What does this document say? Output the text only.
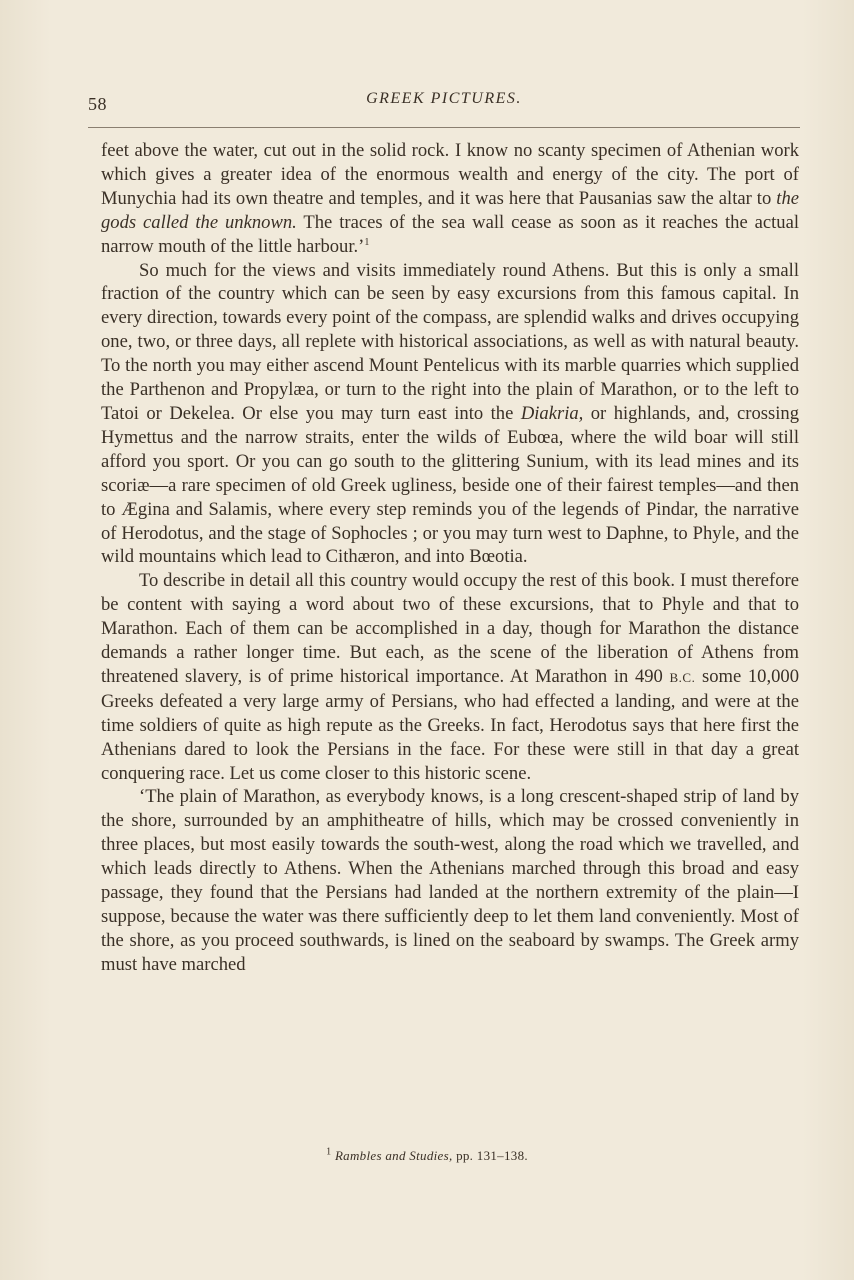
58	GREEK PICTURES.

feet above the water, cut out in the solid rock. I know no scanty specimen of Athenian work which gives a greater idea of the enormous wealth and energy of the city. The port of Munychia had its own theatre and temples, and it was here that Pausanias saw the altar to the gods called the unknown. The traces of the sea wall cease as soon as it reaches the actual narrow mouth of the little harbour.’$^1$

So much for the views and visits immediately round Athens. But this is only a small fraction of the country which can be seen by easy excursions from this famous capital. In every direction, towards every point of the compass, are splendid walks and drives occupying one, two, or three days, all replete with historical associations, as well as with natural beauty. To the north you may either ascend Mount Pentelicus with its marble quarries which supplied the Parthenon and Propylæa, or turn to the right into the plain of Marathon, or to the left to Tatoi or Dekelea. Or else you may turn east into the Diakria, or highlands, and, crossing Hymettus and the narrow straits, enter the wilds of Eubœa, where the wild boar will still afford you sport. Or you can go south to the glittering Sunium, with its lead mines and its scoriæ—a rare specimen of old Greek ugliness, beside one of their fairest temples—and then to Ægina and Salamis, where every step reminds you of the legends of Pindar, the narrative of Herodotus, and the stage of Sophocles ; or you may turn west to Daphne, to Phyle, and the wild mountains which lead to Cithæron, and into Bœotia.

To describe in detail all this country would occupy the rest of this book. I must therefore be content with saying a word about two of these excursions, that to Phyle and that to Marathon. Each of them can be accomplished in a day, though for Marathon the distance demands a rather longer time. But each, as the scene of the liberation of Athens from threatened slavery, is of prime historical importance. At Marathon in 490 B.C. some 10,000 Greeks defeated a very large army of Persians, who had effected a landing, and were at the time soldiers of quite as high repute as the Greeks. In fact, Herodotus says that here first the Athenians dared to look the Persians in the face. For these were still in that day a great conquering race. Let us come closer to this historic scene.

‘The plain of Marathon, as everybody knows, is a long crescent-shaped strip of land by the shore, surrounded by an amphitheatre of hills, which may be crossed conveniently in three places, but most easily towards the south-west, along the road which we travelled, and which leads directly to Athens. When the Athenians marched through this broad and easy passage, they found that the Persians had landed at the northern extremity of the plain—I suppose, because the water was there sufficiently deep to let them land conveniently. Most of the shore, as you proceed southwards, is lined on the seaboard by swamps. The Greek army must have marched

$^1$ Rambles and Studies, pp. 131–138.
